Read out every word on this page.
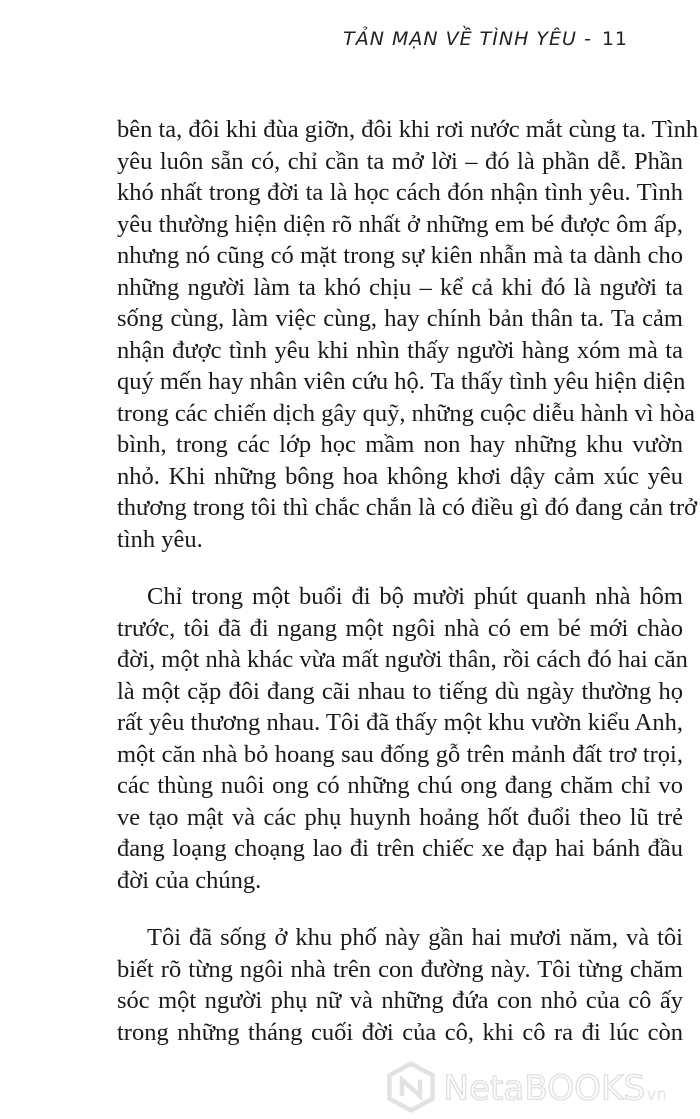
TẢN MẠN VỀ TÌNH YÊU - 11

bên ta, đôi khi đùa giỡn, đôi khi rơi nước mắt cùng ta. Tình
yêu luôn sẵn có, chỉ cần ta mở lời – đó là phần dễ. Phần
khó nhất trong đời ta là học cách đón nhận tình yêu. Tình
yêu thường hiện diện rõ nhất ở những em bé được ôm ấp,
nhưng nó cũng có mặt trong sự kiên nhẫn mà ta dành cho
những người làm ta khó chịu – kể cả khi đó là người ta
sống cùng, làm việc cùng, hay chính bản thân ta. Ta cảm
nhận được tình yêu khi nhìn thấy người hàng xóm mà ta
quý mến hay nhân viên cứu hộ. Ta thấy tình yêu hiện diện
trong các chiến dịch gây quỹ, những cuộc diễu hành vì hòa
bình, trong các lớp học mầm non hay những khu vườn
nhỏ. Khi những bông hoa không khơi dậy cảm xúc yêu
thương trong tôi thì chắc chắn là có điều gì đó đang cản trở
tình yêu.

Chỉ trong một buổi đi bộ mười phút quanh nhà hôm
trước, tôi đã đi ngang một ngôi nhà có em bé mới chào
đời, một nhà khác vừa mất người thân, rồi cách đó hai căn
là một cặp đôi đang cãi nhau to tiếng dù ngày thường họ
rất yêu thương nhau. Tôi đã thấy một khu vườn kiểu Anh,
một căn nhà bỏ hoang sau đống gỗ trên mảnh đất trơ trọi,
các thùng nuôi ong có những chú ong đang chăm chỉ vo
ve tạo mật và các phụ huynh hoảng hốt đuổi theo lũ trẻ
đang loạng choạng lao đi trên chiếc xe đạp hai bánh đầu
đời của chúng.

Tôi đã sống ở khu phố này gần hai mươi năm, và tôi
biết rõ từng ngôi nhà trên con đường này. Tôi từng chăm
sóc một người phụ nữ và những đứa con nhỏ của cô ấy
trong những tháng cuối đời của cô, khi cô ra đi lúc còn

NetaBOOKS vn
